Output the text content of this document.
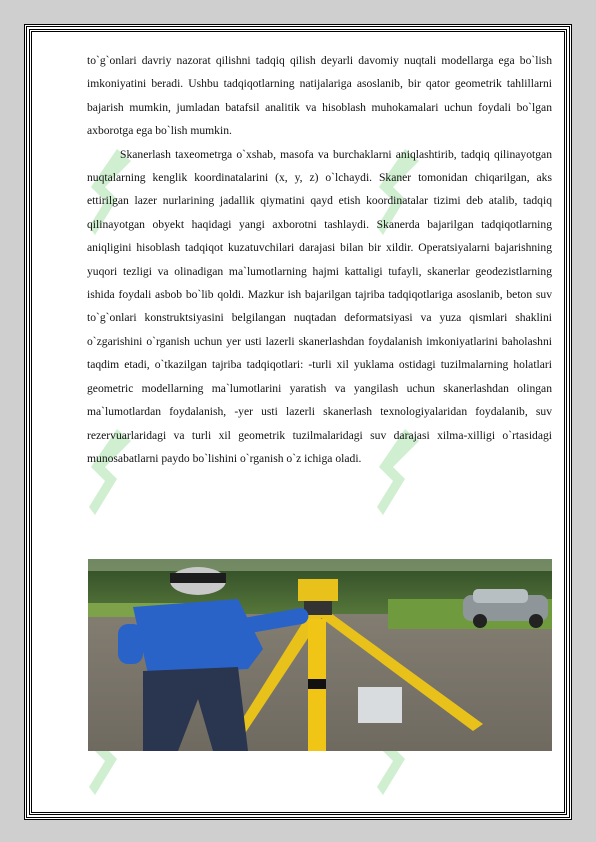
to`g`onlari davriy nazorat qilishni tadqiq qilish deyarli davomiy nuqtali modellarga ega bo`lish imkoniyatini beradi. Ushbu tadqiqotlarning natijalariga asoslanib, bir qator geometrik tahlillarni bajarish mumkin, jumladan batafsil analitik va hisoblash muhokamalari uchun foydali bo`lgan axborotga ega bo`lish mumkin.

Skanerlash taxeometrga o`xshab, masofa va burchaklarni aniqlashtirib, tadqiq qilinayotgan nuqtalarning kenglik koordinatalarini (x, y, z) o`lchaydi. Skaner tomonidan chiqarilgan, aks ettirilgan lazer nurlarining jadallik qiymatini qayd etish koordinatalar tizimi deb atalib, tadqiq qilinayotgan obyekt haqidagi yangi axborotni tashlaydi. Skanerda bajarilgan tadqiqotlarning aniqligini hisoblash tadqiqot kuzatuvchilari darajasi bilan bir xildir. Operatsiyalarni bajarishning yuqori tezligi va olinadigan ma`lumotlarning hajmi kattaligi tufayli, skanerlar geodezistlarning ishida foydali asbob bo`lib qoldi. Mazkur ish bajarilgan tajriba tadqiqotlariga asoslanib, beton suv to`g`onlari konstruktsiyasini belgilangan nuqtadan deformatsiyasi va yuza qismlari shaklini o`zgarishini o`rganish uchun yer usti lazerli skanerlashdan foydalanish imkoniyatlarini baholashni taqdim etadi, o`tkazilgan tajriba tadqiqotlari: -turli xil yuklama ostidagi tuzilmalarning holatlari geometric modellarning ma`lumotlarini yaratish va yangilash uchun skanerlashdan olingan ma`lumotlardan foydalanish, -yer usti lazerli skanerlash texnologiyalaridan foydalanib, suv rezervuarlaridagi va turli xil geometrik tuzilmalaridagi suv darajasi xilma-xilligi o`rtasidagi munosabatlarni paydo bo`lishini o`rganish o`z ichiga oladi.
